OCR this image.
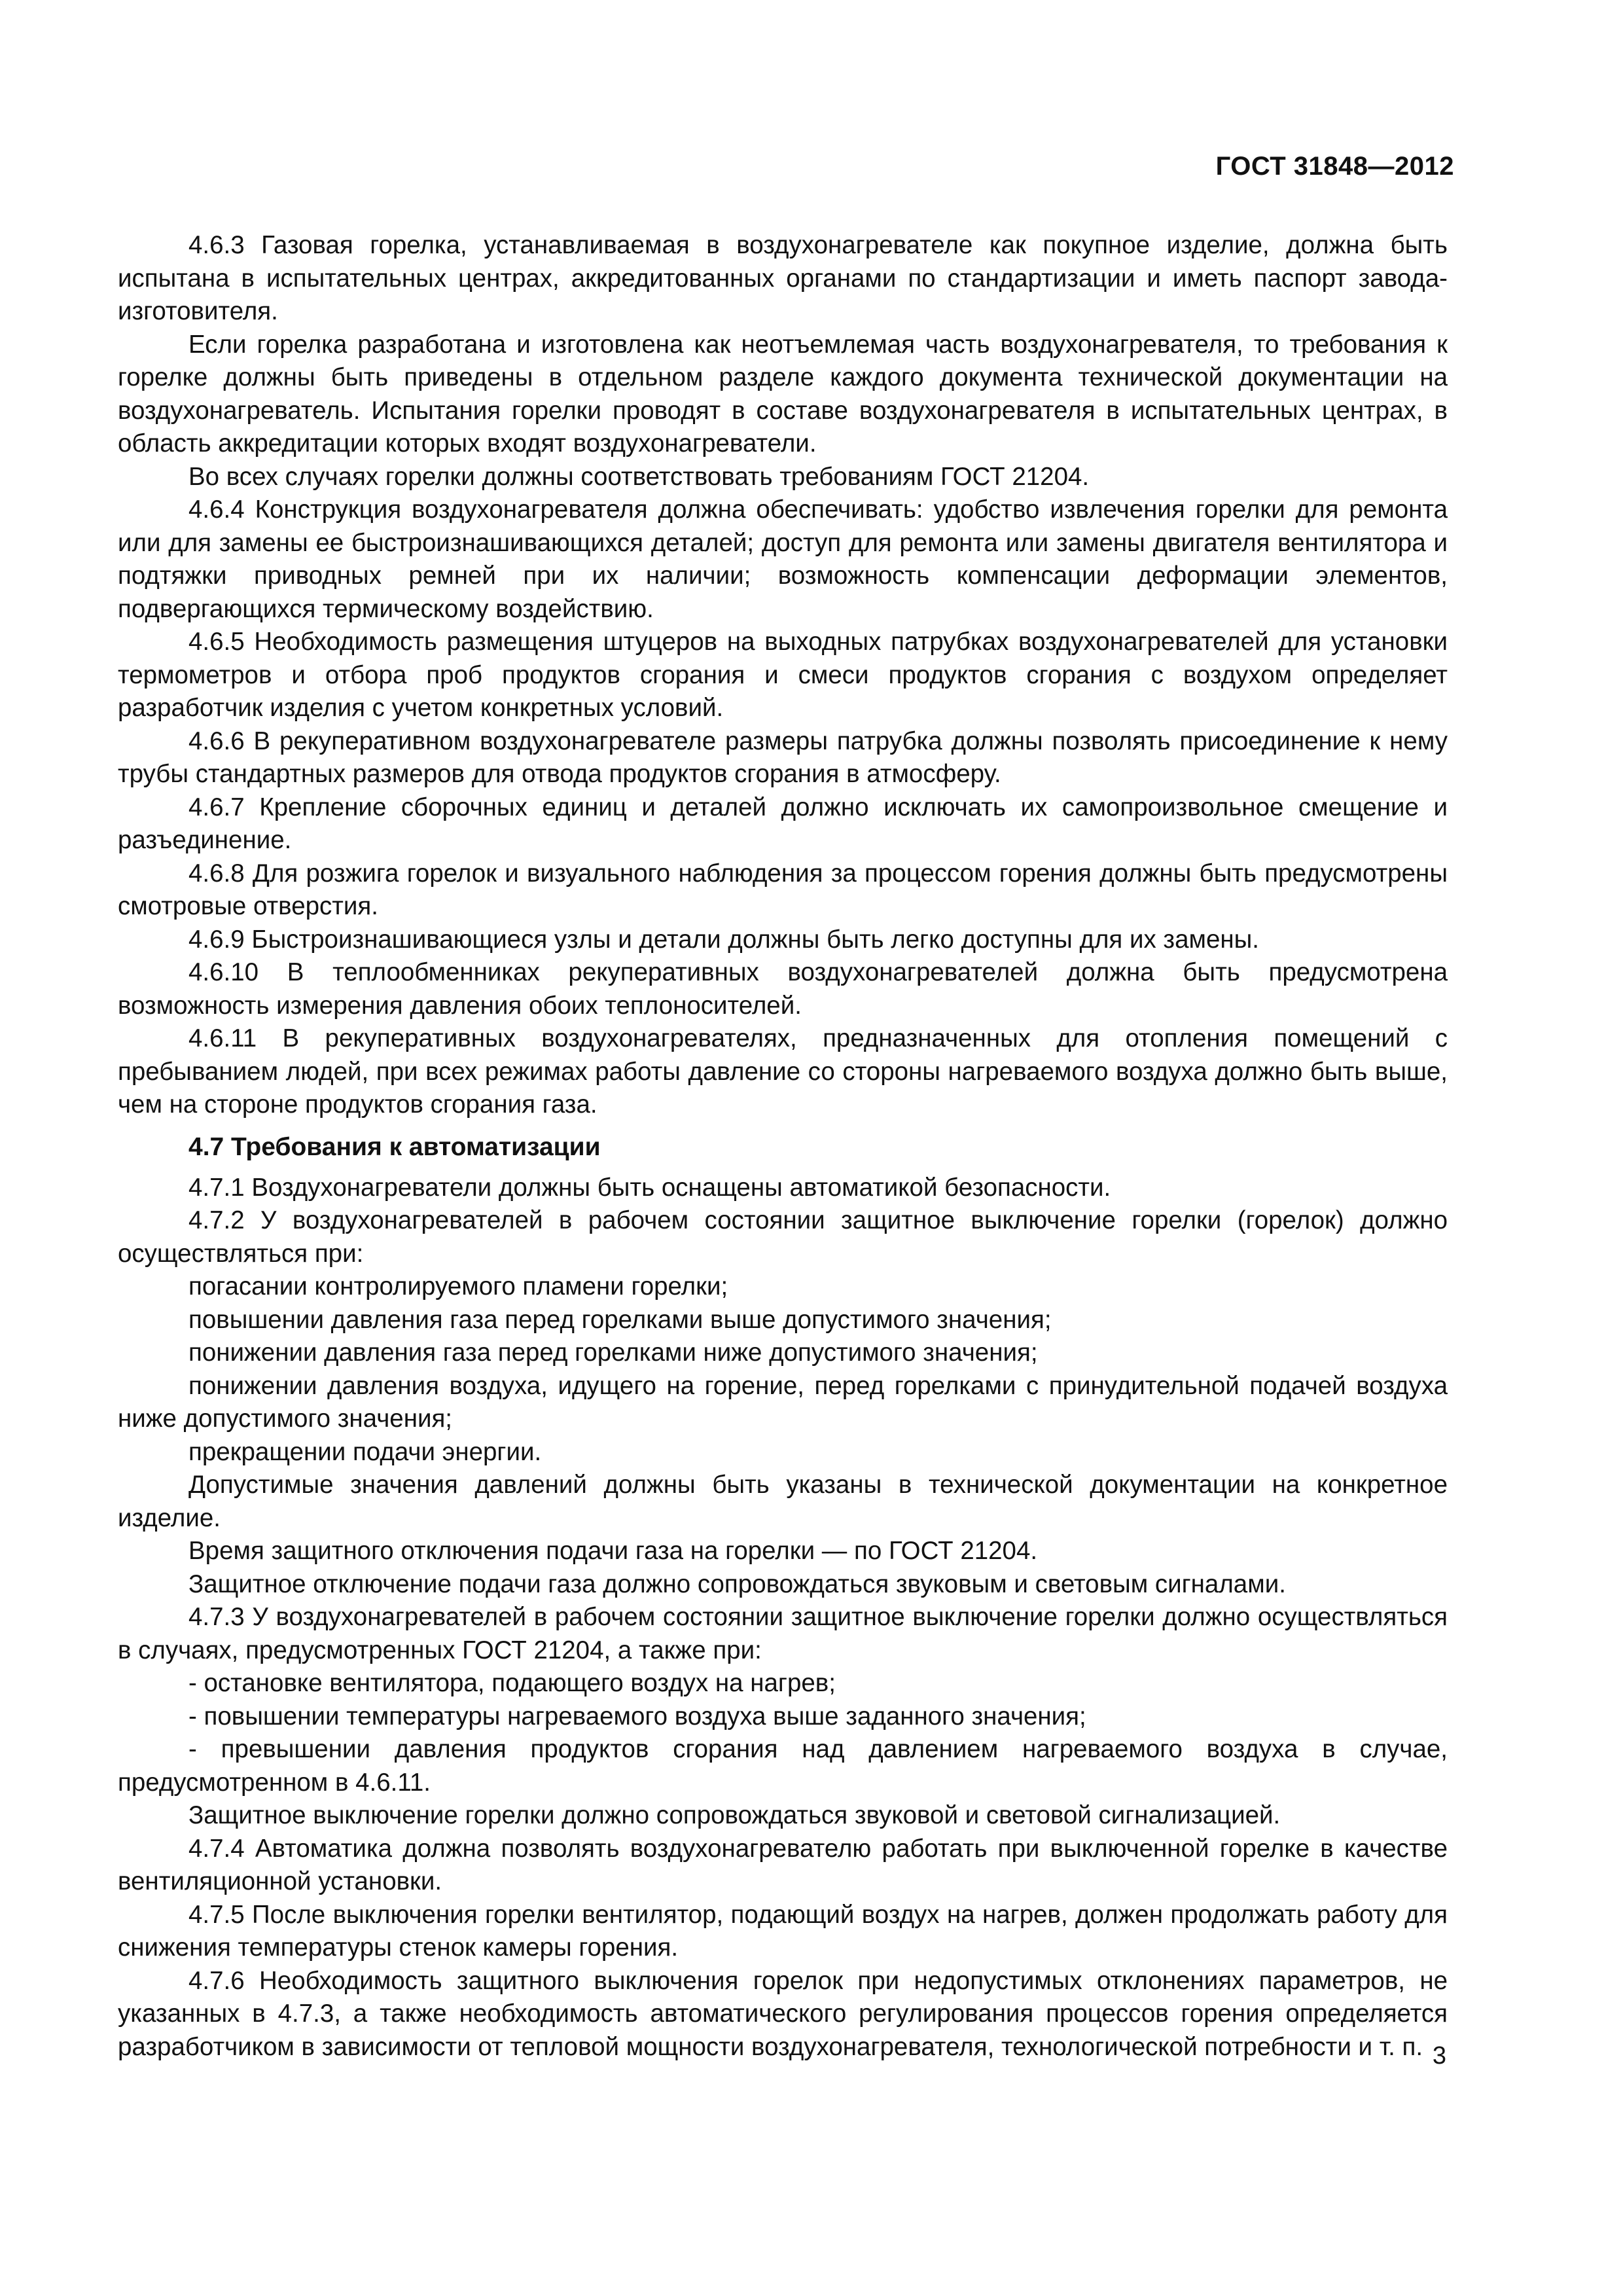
ГОСТ 31848—2012

4.6.3 Газовая горелка, устанавливаемая в воздухонагревателе как покупное изделие, должна быть испытана в испытательных центрах, аккредитованных органами по стандартизации и иметь паспорт завода-изготовителя.

Если горелка разработана и изготовлена как неотъемлемая часть воздухонагревателя, то требования к горелке должны быть приведены в отдельном разделе каждого документа технической документации на воздухонагреватель. Испытания горелки проводят в составе воздухонагревателя в испытательных центрах, в область аккредитации которых входят воздухонагреватели.

Во всех случаях горелки должны соответствовать требованиям ГОСТ 21204.

4.6.4 Конструкция воздухонагревателя должна обеспечивать: удобство извлечения горелки для ремонта или для замены ее быстроизнашивающихся деталей; доступ для ремонта или замены двигателя вентилятора и подтяжки приводных ремней при их наличии; возможность компенсации деформации элементов, подвергающихся термическому воздействию.

4.6.5 Необходимость размещения штуцеров на выходных патрубках воздухонагревателей для установки термометров и отбора проб продуктов сгорания и смеси продуктов сгорания с воздухом определяет разработчик изделия с учетом конкретных условий.

4.6.6 В рекуперативном воздухонагревателе размеры патрубка должны позволять присоединение к нему трубы стандартных размеров для отвода продуктов сгорания в атмосферу.

4.6.7 Крепление сборочных единиц и деталей должно исключать их самопроизвольное смещение и разъединение.

4.6.8 Для розжига горелок и визуального наблюдения за процессом горения должны быть предусмотрены смотровые отверстия.

4.6.9 Быстроизнашивающиеся узлы и детали должны быть легко доступны для их замены.

4.6.10 В теплообменниках рекуперативных воздухонагревателей должна быть предусмотрена возможность измерения давления обоих теплоносителей.

4.6.11 В рекуперативных воздухонагревателях, предназначенных для отопления помещений с пребыванием людей, при всех режимах работы давление со стороны нагреваемого воздуха должно быть выше, чем на стороне продуктов сгорания газа.

4.7 Требования к автоматизации

4.7.1 Воздухонагреватели должны быть оснащены автоматикой безопасности.

4.7.2 У воздухонагревателей в рабочем состоянии защитное выключение горелки (горелок) должно осуществляться при:

погасании контролируемого пламени горелки;

повышении давления газа перед горелками выше допустимого значения;

понижении давления газа перед горелками ниже допустимого значения;

понижении давления воздуха, идущего на горение, перед горелками с принудительной подачей воздуха ниже допустимого значения;

прекращении подачи энергии.

Допустимые значения давлений должны быть указаны в технической документации на конкретное изделие.

Время защитного отключения подачи газа на горелки — по ГОСТ 21204.

Защитное отключение подачи газа должно сопровождаться звуковым и световым сигналами.

4.7.3 У воздухонагревателей в рабочем состоянии защитное выключение горелки должно осуществляться в случаях, предусмотренных ГОСТ 21204, а также при:

- остановке вентилятора, подающего воздух на нагрев;

- повышении температуры нагреваемого воздуха выше заданного значения;

- превышении давления продуктов сгорания над давлением нагреваемого воздуха в случае, предусмотренном в 4.6.11.

Защитное выключение горелки должно сопровождаться звуковой и световой сигнализацией.

4.7.4 Автоматика должна позволять воздухонагревателю работать при выключенной горелке в качестве вентиляционной установки.

4.7.5 После выключения горелки вентилятор, подающий воздух на нагрев, должен продолжать работу для снижения температуры стенок камеры горения.

4.7.6 Необходимость защитного выключения горелок при недопустимых отклонениях параметров, не указанных в 4.7.3, а также необходимость автоматического регулирования процессов горения определяется разработчиком в зависимости от тепловой мощности воздухонагревателя, технологической потребности и т. п. 3
